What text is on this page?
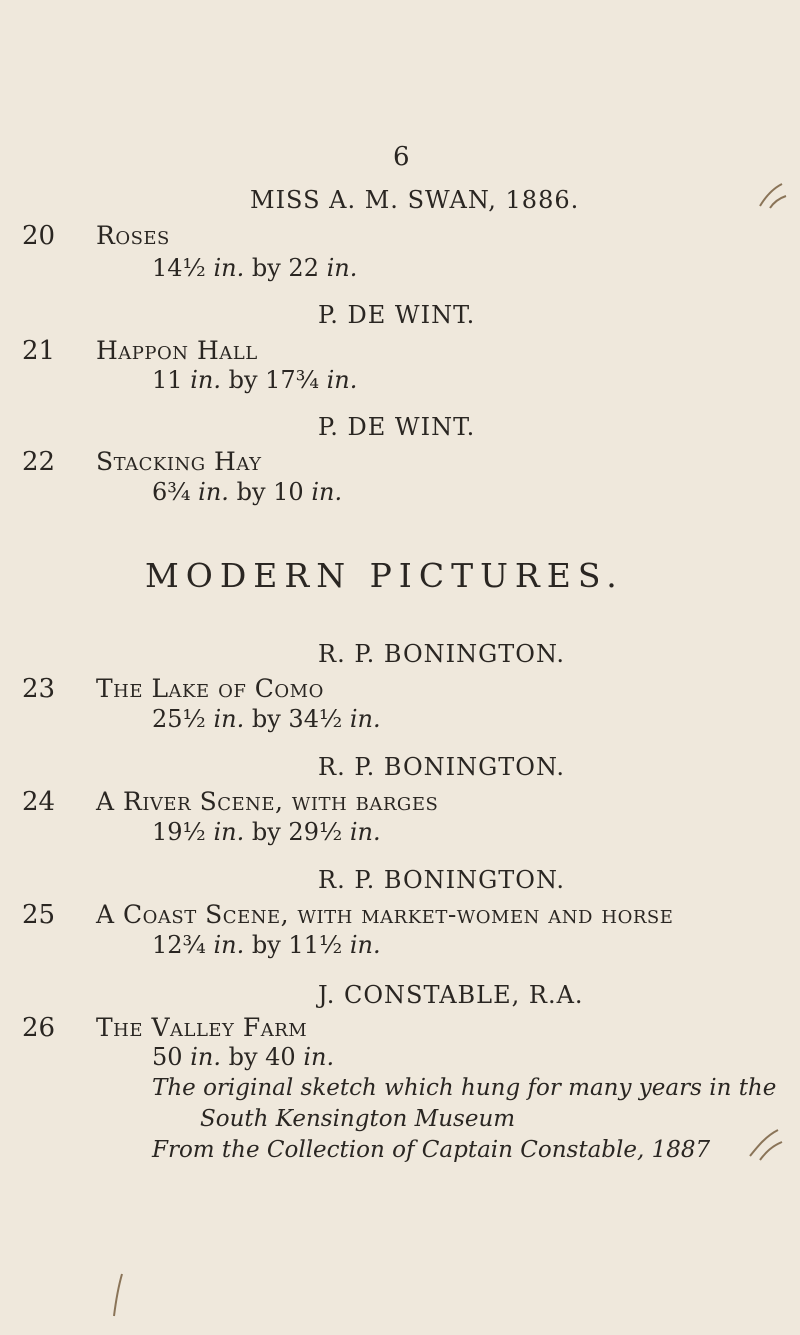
6
MISS A. M. SWAN, 1886.
20 Roses
14½ in. by 22 in.
P. DE WINT.
21 Happon Hall
11 in. by 17¾ in.
P. DE WINT.
22 Stacking Hay
6¾ in. by 10 in.
MODERN PICTURES.
R. P. BONINGTON.
23 The Lake of Como
25½ in. by 34½ in.
R. P. BONINGTON.
24 A River Scene, with barges
19½ in. by 29½ in.
R. P. BONINGTON.
25 A Coast Scene, with market-women and horse
12¾ in. by 11½ in.
J. CONSTABLE, R.A.
26 The Valley Farm
50 in. by 40 in.
The original sketch which hung for many years in the
South Kensington Museum
From the Collection of Captain Constable, 1887
